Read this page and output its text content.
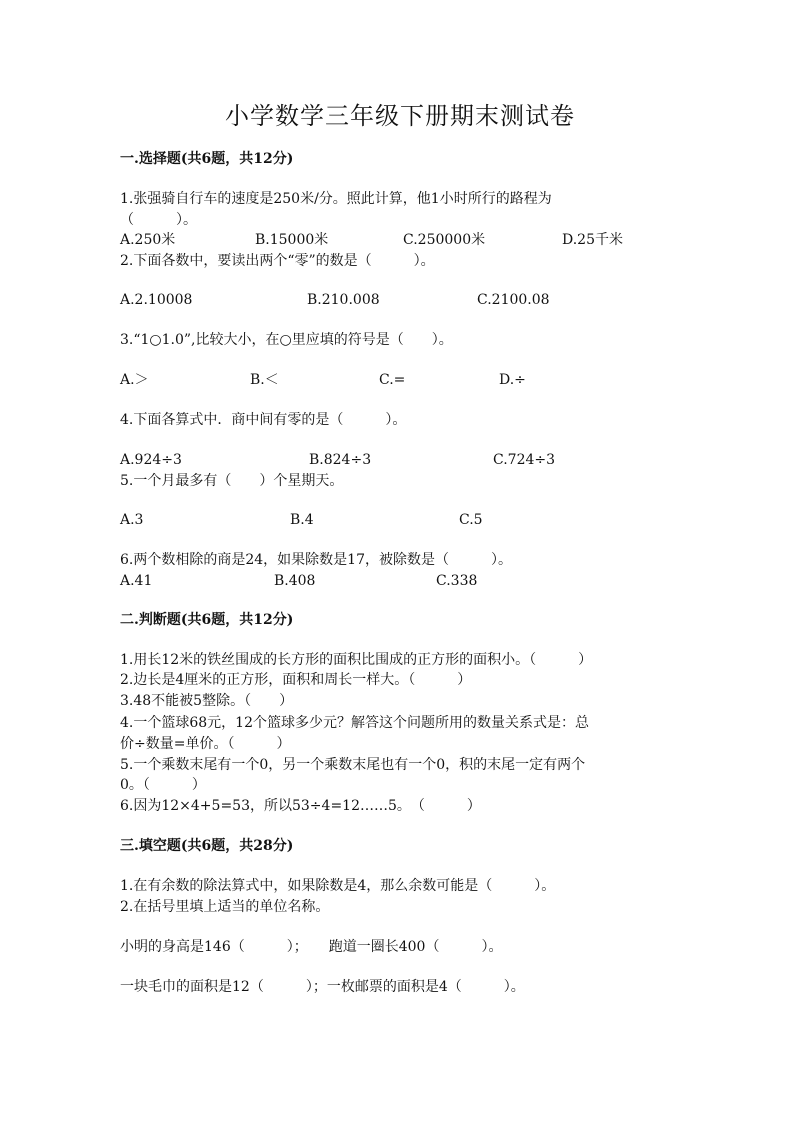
小学数学三年级下册期末测试卷
一.选择题(共6题，共12分)
1.张强骑自行车的速度是250米/分。照此计算，他1小时所行的路程为
（　　　）。
A.250米	B.15000米	C.250000米	D.25千米
2.下面各数中，要读出两个“零”的数是（　　　）。
A.2.10008	B.210.008	C.2100.08
3.“1○1.0”,比较大小，在○里应填的符号是（　　）。
A.＞	B.＜	C.=	D.÷
4.下面各算式中．商中间有零的是（　　　）。
A.924÷3	B.824÷3	C.724÷3
5.一个月最多有（　　）个星期天。
A.3	B.4	C.5
6.两个数相除的商是24，如果除数是17，被除数是（　　　）。
A.41	B.408	C.338
二.判断题(共6题，共12分)
1.用长12米的铁丝围成的长方形的面积比围成的正方形的面积小。（　　　）
2.边长是4厘米的正方形，面积和周长一样大。（　　　）
3.48不能被5整除。（　　）
4.一个篮球68元，12个篮球多少元？解答这个问题所用的数量关系式是：总
价÷数量=单价。（　　　）
5.一个乘数末尾有一个0，另一个乘数末尾也有一个0，积的末尾一定有两个
0。（　　　）
6.因为12×4+5=53，所以53÷4=12……5。　（　　　）
三.填空题(共6题，共28分)
1.在有余数的除法算式中，如果除数是4，那么余数可能是（　　　）。
2.在括号里填上适当的单位名称。
小明的身高是146（　　　）；　　跑道一圈长400（　　　）。
一块毛巾的面积是12（　　　）；一枚邮票的面积是4（　　　）。
